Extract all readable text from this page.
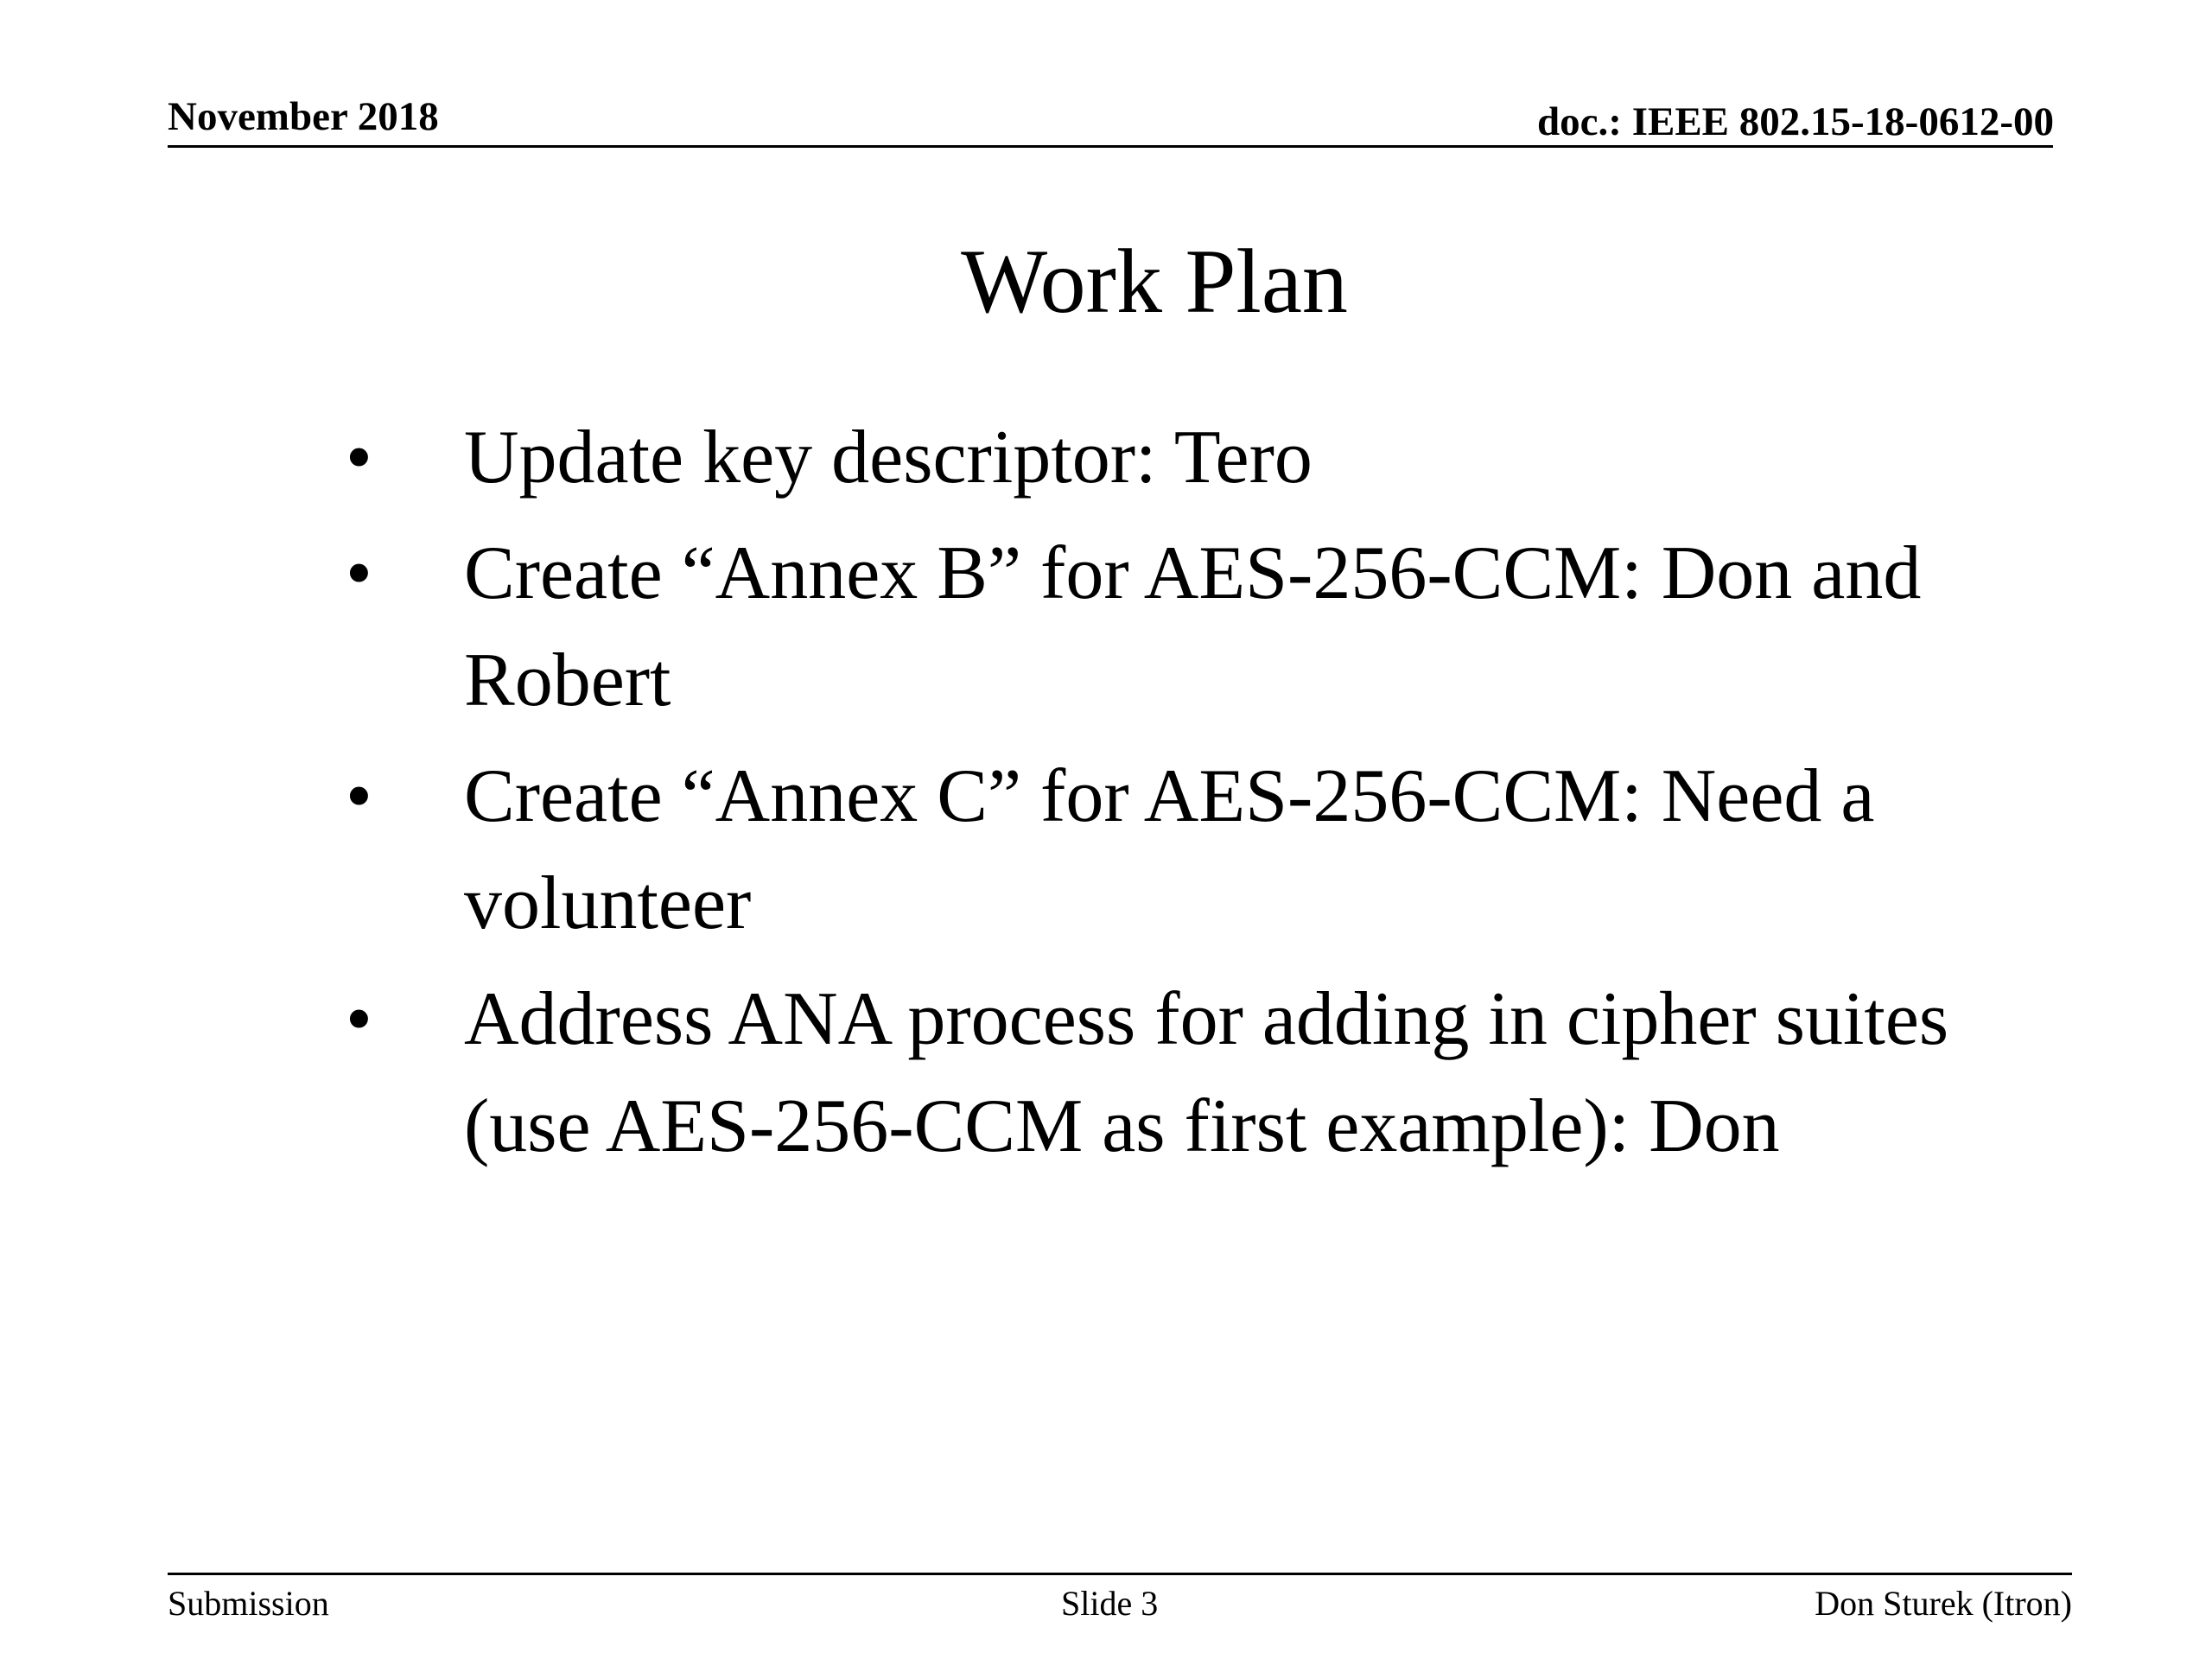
November 2018	doc.: IEEE 802.15-18-0612-00
Work Plan
•	Update key descriptor: Tero
•	Create “Annex B” for AES-256-CCM: Don and Robert
•	Create “Annex C” for AES-256-CCM: Need a volunteer
•	Address ANA process for adding in cipher suites (use AES-256-CCM as first example): Don
Submission	Slide 3	Don Sturek (Itron)
